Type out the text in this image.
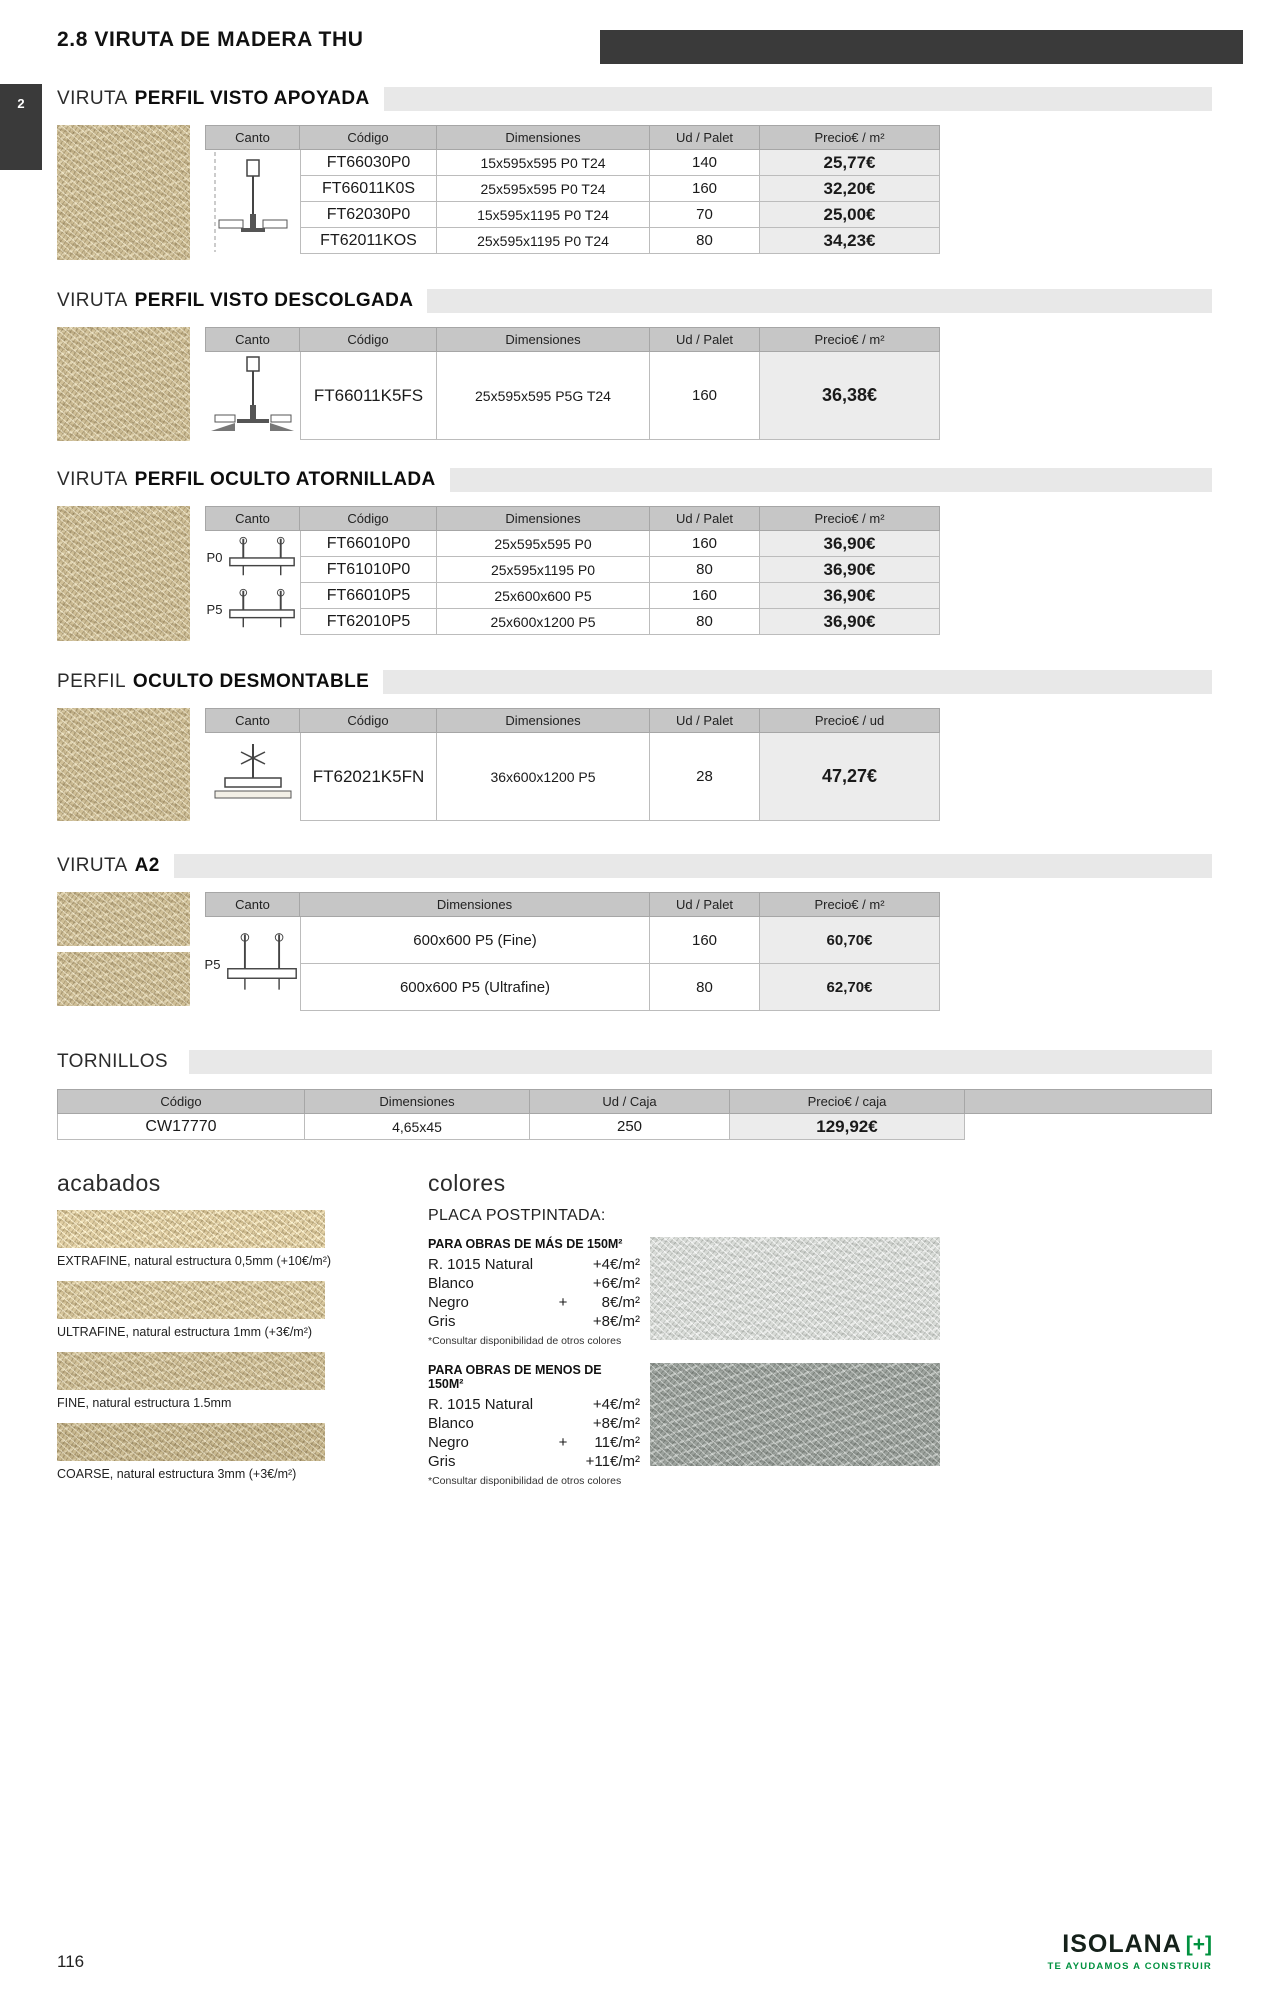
2
2.8 VIRUTA DE MADERA THU
VIRUTA PERFIL VISTO APOYADA
Canto	Código	Dimensiones	Ud / Palet	Precio€ / m²
FT66030P0	15x595x595 P0 T24	140	25,77€
FT66011K0S	25x595x595 P0 T24	160	32,20€
FT62030P0	15x595x1195 P0 T24	70	25,00€
FT62011KOS	25x595x1195 P0 T24	80	34,23€
VIRUTA PERFIL VISTO DESCOLGADA
Canto	Código	Dimensiones	Ud / Palet	Precio€ / m²
FT66011K5FS	25x595x595 P5G T24	160	36,38€
VIRUTA PERFIL OCULTO ATORNILLADA
Canto	Código	Dimensiones	Ud / Palet	Precio€ / m²
P0
P5
FT66010P0	25x595x595 P0	160	36,90€
FT61010P0	25x595x1195 P0	80	36,90€
FT66010P5	25x600x600 P5	160	36,90€
FT62010P5	25x600x1200 P5	80	36,90€
PERFIL OCULTO DESMONTABLE
Canto	Código	Dimensiones	Ud / Palet	Precio€ / ud
FT62021K5FN	36x600x1200 P5	28	47,27€
VIRUTA A2
Canto	Dimensiones	Ud / Palet	Precio€ / m²
P5
600x600 P5 (Fine)	160	60,70€
600x600 P5 (Ultrafine)	80	62,70€
TORNILLOS
Código	Dimensiones	Ud / Caja	Precio€ / caja
CW17770	4,65x45	250	129,92€
acabados
EXTRAFINE, natural estructura 0,5mm (+10€/m²)
ULTRAFINE, natural estructura 1mm (+3€/m²)
FINE, natural estructura 1.5mm
COARSE, natural estructura 3mm (+3€/m²)
colores
PLACA POSTPINTADA:
PARA OBRAS DE MÁS DE 150M²
R. 1015 Natural	+4€/m²
Blanco	+6€/m²
Negro	+	8€/m²
Gris	+8€/m²
*Consultar disponibilidad de otros colores
PARA OBRAS DE MENOS DE 150M²
R. 1015 Natural	+4€/m²
Blanco	+8€/m²
Negro	+	11€/m²
Gris	+11€/m²
*Consultar disponibilidad de otros colores
116
ISOLANA [+]
TE AYUDAMOS A CONSTRUIR
